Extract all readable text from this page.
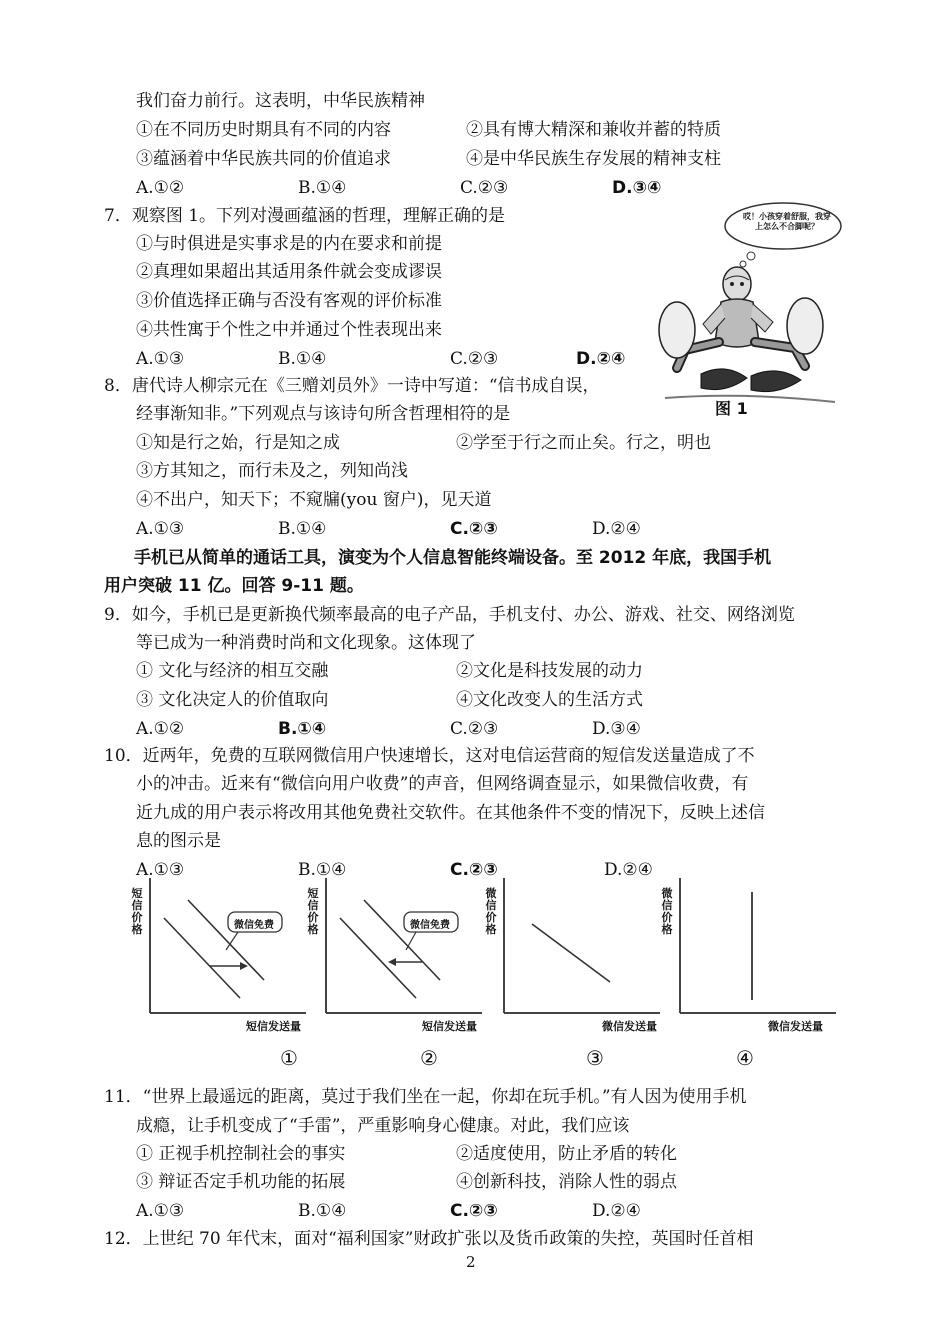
我们奋力前行。这表明，中华民族精神
①在不同历史时期具有不同的内容	②具有博大精深和兼收并蓄的特质
③蕴涵着中华民族共同的价值追求	④是中华民族生存发展的精神支柱
A.①②	B.①④	C.②③	D.③④
7．观察图 1。下列对漫画蕴涵的哲理，理解正确的是
①与时俱进是实事求是的内在要求和前提
②真理如果超出其适用条件就会变成谬误
③价值选择正确与否没有客观的评价标准
④共性寓于个性之中并通过个性表现出来
A.①③	B.①④	C.②③	D.②④
哎！小孩穿着舒服，我穿上怎么不合脚呢？
图 1
8．唐代诗人柳宗元在《三赠刘员外》一诗中写道：“信书成自误，
经事渐知非。”下列观点与该诗句所含哲理相符的是
①知是行之始，行是知之成	②学至于行之而止矣。行之，明也
③方其知之，而行未及之，列知尚浅
④不出户，知天下；不窥牖(you 窗户)，见天道
A.①③	B.①④	C.②③	D.②④
手机已从简单的通话工具，演变为个人信息智能终端设备。至 2012 年底，我国手机
用户突破 11 亿。回答 9-11 题。
9．如今，手机已是更新换代频率最高的电子产品，手机支付、办公、游戏、社交、网络浏览
等已成为一种消费时尚和文化现象。这体现了
① 文化与经济的相互交融	②文化是科技发展的动力
③ 文化决定人的价值取向	④文化改变人的生活方式
A.①②	B.①④	C.②③	D.③④
10．近两年，免费的互联网微信用户快速增长，这对电信运营商的短信发送量造成了不
小的冲击。近来有“微信向用户收费”的声音，但网络调查显示，如果微信收费，有
近九成的用户表示将改用其他免费社交软件。在其他条件不变的情况下，反映上述信
息的图示是
A.①③	B.①④	C.②③	D.②④
短信价格	微信免费
短信发送量
①
短信价格	微信免费
短信发送量
②
微信价格
微信发送量
③
微信价格
微信发送量
④
11．“世界上最遥远的距离，莫过于我们坐在一起，你却在玩手机。”有人因为使用手机
成瘾，让手机变成了“手雷”，严重影响身心健康。对此，我们应该
① 正视手机控制社会的事实	②适度使用，防止矛盾的转化
③ 辩证否定手机功能的拓展	④创新科技，消除人性的弱点
A.①③	B.①④	C.②③	D.②④
12．上世纪 70 年代末，面对“福利国家”财政扩张以及货币政策的失控，英国时任首相
2
